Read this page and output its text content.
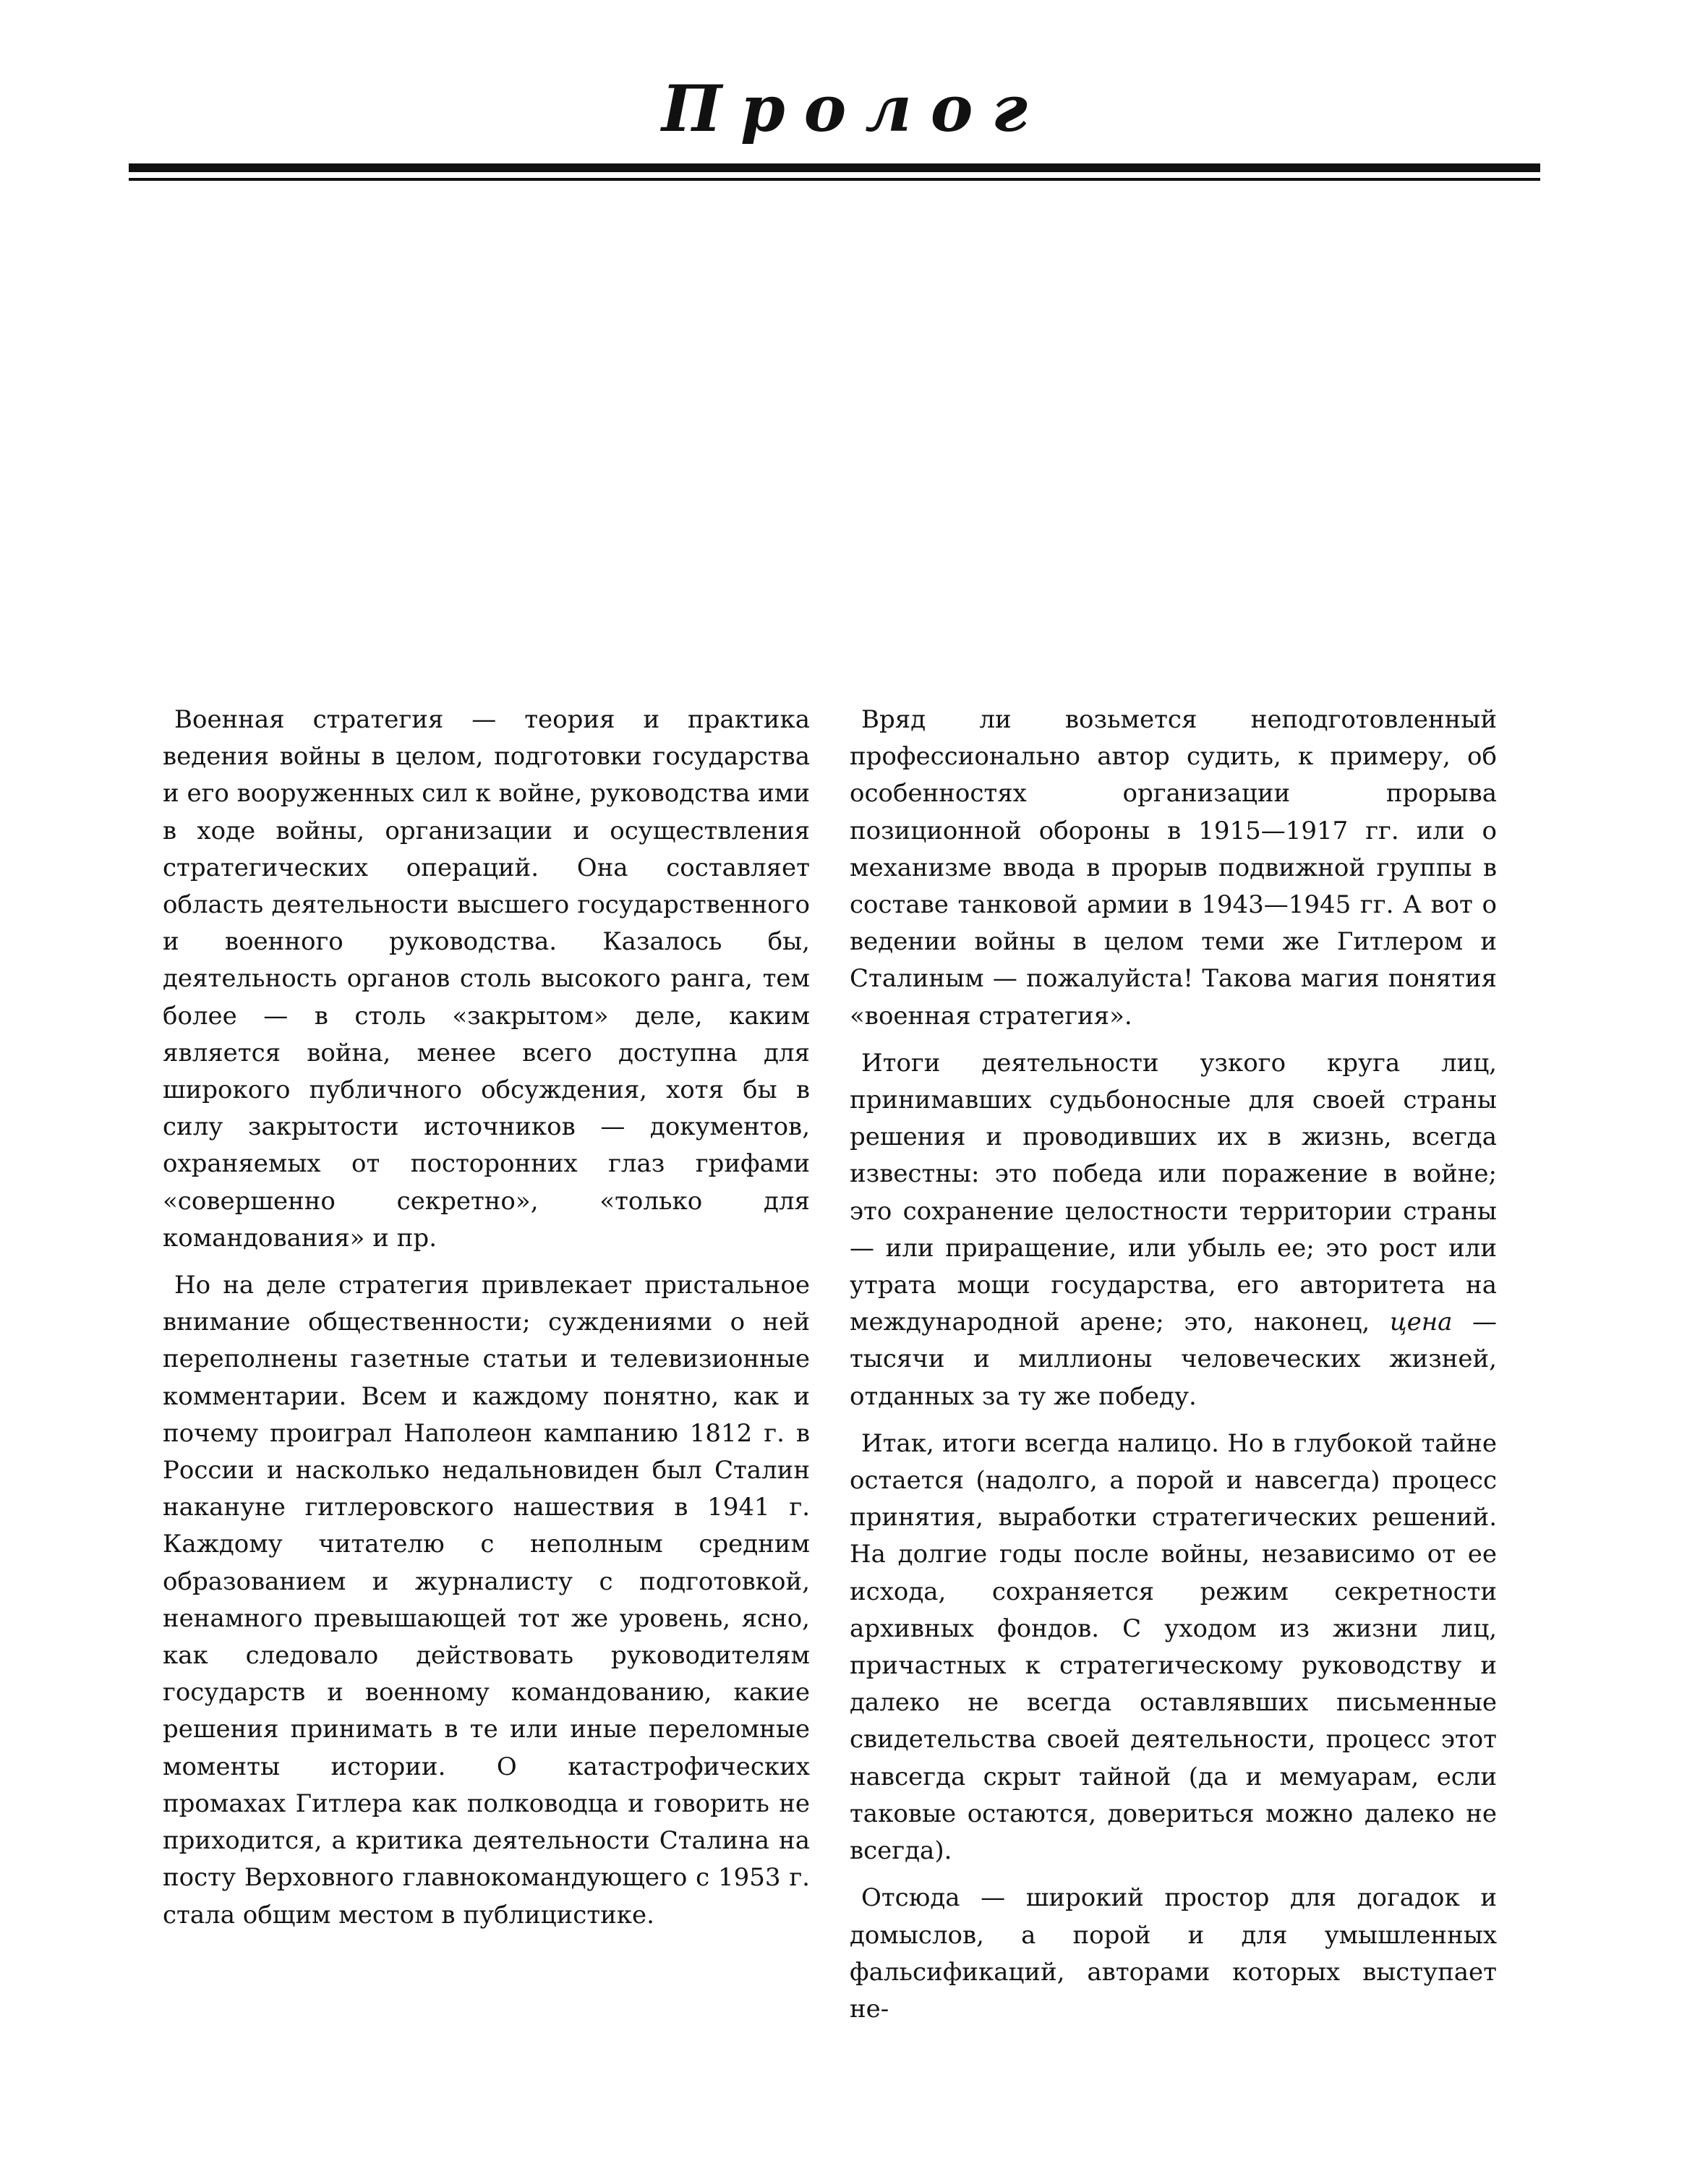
Пролог

Военная стратегия — теория и практика ведения войны в целом, подготовки государства и его вооруженных сил к войне, руководства ими в ходе войны, организации и осуществления стратегических операций. Она составляет область деятельности высшего государственного и военного руководства. Казалось бы, деятельность органов столь высокого ранга, тем более — в столь «закрытом» деле, каким является война, менее всего доступна для широкого публичного обсуждения, хотя бы в силу закрытости источников — документов, охраняемых от посторонних глаз грифами «совершенно секретно», «только для командования» и пр.

Но на деле стратегия привлекает пристальное внимание общественности; суждениями о ней переполнены газетные статьи и телевизионные комментарии. Всем и каждому понятно, как и почему проиграл Наполеон кампанию 1812 г. в России и насколько недальновиден был Сталин накануне гитлеровского нашествия в 1941 г. Каждому читателю с неполным средним образованием и журналисту с подготовкой, ненамного превышающей тот же уровень, ясно, как следовало действовать руководителям государств и военному командованию, какие решения принимать в те или иные переломные моменты истории. О катастрофических промахах Гитлера как полководца и говорить не приходится, а критика деятельности Сталина на посту Верховного главнокомандующего с 1953 г. стала общим местом в публицистике.

Вряд ли возьмется неподготовленный профессионально автор судить, к примеру, об особенностях организации прорыва позиционной обороны в 1915—1917 гг. или о механизме ввода в прорыв подвижной группы в составе танковой армии в 1943—1945 гг. А вот о ведении войны в целом теми же Гитлером и Сталиным — пожалуйста! Такова магия понятия «военная стратегия».

Итоги деятельности узкого круга лиц, принимавших судьбоносные для своей страны решения и проводивших их в жизнь, всегда известны: это победа или поражение в войне; это сохранение целостности территории страны — или приращение, или убыль ее; это рост или утрата мощи государства, его авторитета на международной арене; это, наконец, цена — тысячи и миллионы человеческих жизней, отданных за ту же победу.

Итак, итоги всегда налицо. Но в глубокой тайне остается (надолго, а порой и навсегда) процесс принятия, выработки стратегических решений. На долгие годы после войны, независимо от ее исхода, сохраняется режим секретности архивных фондов. С уходом из жизни лиц, причастных к стратегическому руководству и далеко не всегда оставлявших письменные свидетельства своей деятельности, процесс этот навсегда скрыт тайной (да и мемуарам, если таковые остаются, довериться можно далеко не всегда).

Отсюда — широкий простор для догадок и домыслов, а порой и для умышленных фальсификаций, авторами которых выступает не-
